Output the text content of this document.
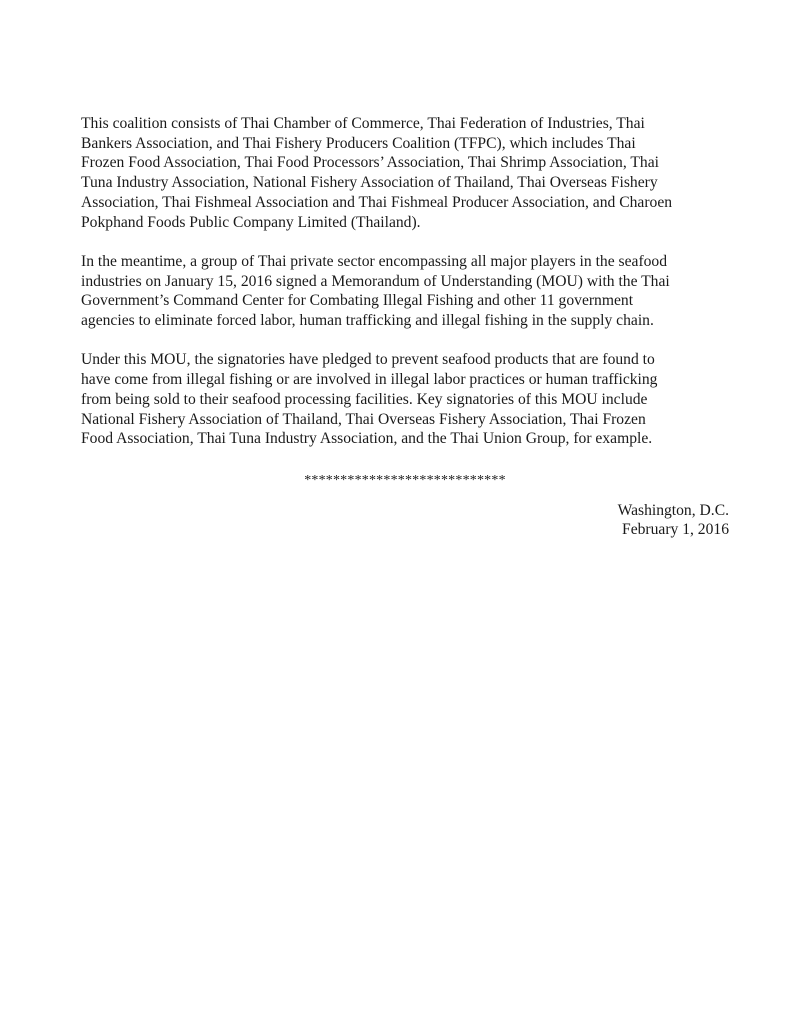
This coalition consists of Thai Chamber of Commerce, Thai Federation of Industries, Thai
Bankers Association, and Thai Fishery Producers Coalition (TFPC), which includes Thai
Frozen Food Association, Thai Food Processors’ Association, Thai Shrimp Association, Thai
Tuna Industry Association, National Fishery Association of Thailand, Thai Overseas Fishery
Association, Thai Fishmeal Association and Thai Fishmeal Producer Association, and Charoen
Pokphand Foods Public Company Limited (Thailand).

In the meantime, a group of Thai private sector encompassing all major players in the seafood
industries on January 15, 2016 signed a Memorandum of Understanding (MOU) with the Thai
Government’s Command Center for Combating Illegal Fishing and other 11 government
agencies to eliminate forced labor, human trafficking and illegal fishing in the supply chain.

Under this MOU, the signatories have pledged to prevent seafood products that are found to
have come from illegal fishing or are involved in illegal labor practices or human trafficking
from being sold to their seafood processing facilities. Key signatories of this MOU include
National Fishery Association of Thailand, Thai Overseas Fishery Association, Thai Frozen
Food Association, Thai Tuna Industry Association, and the Thai Union Group, for example.

****************************
Washington, D.C.
February 1, 2016
